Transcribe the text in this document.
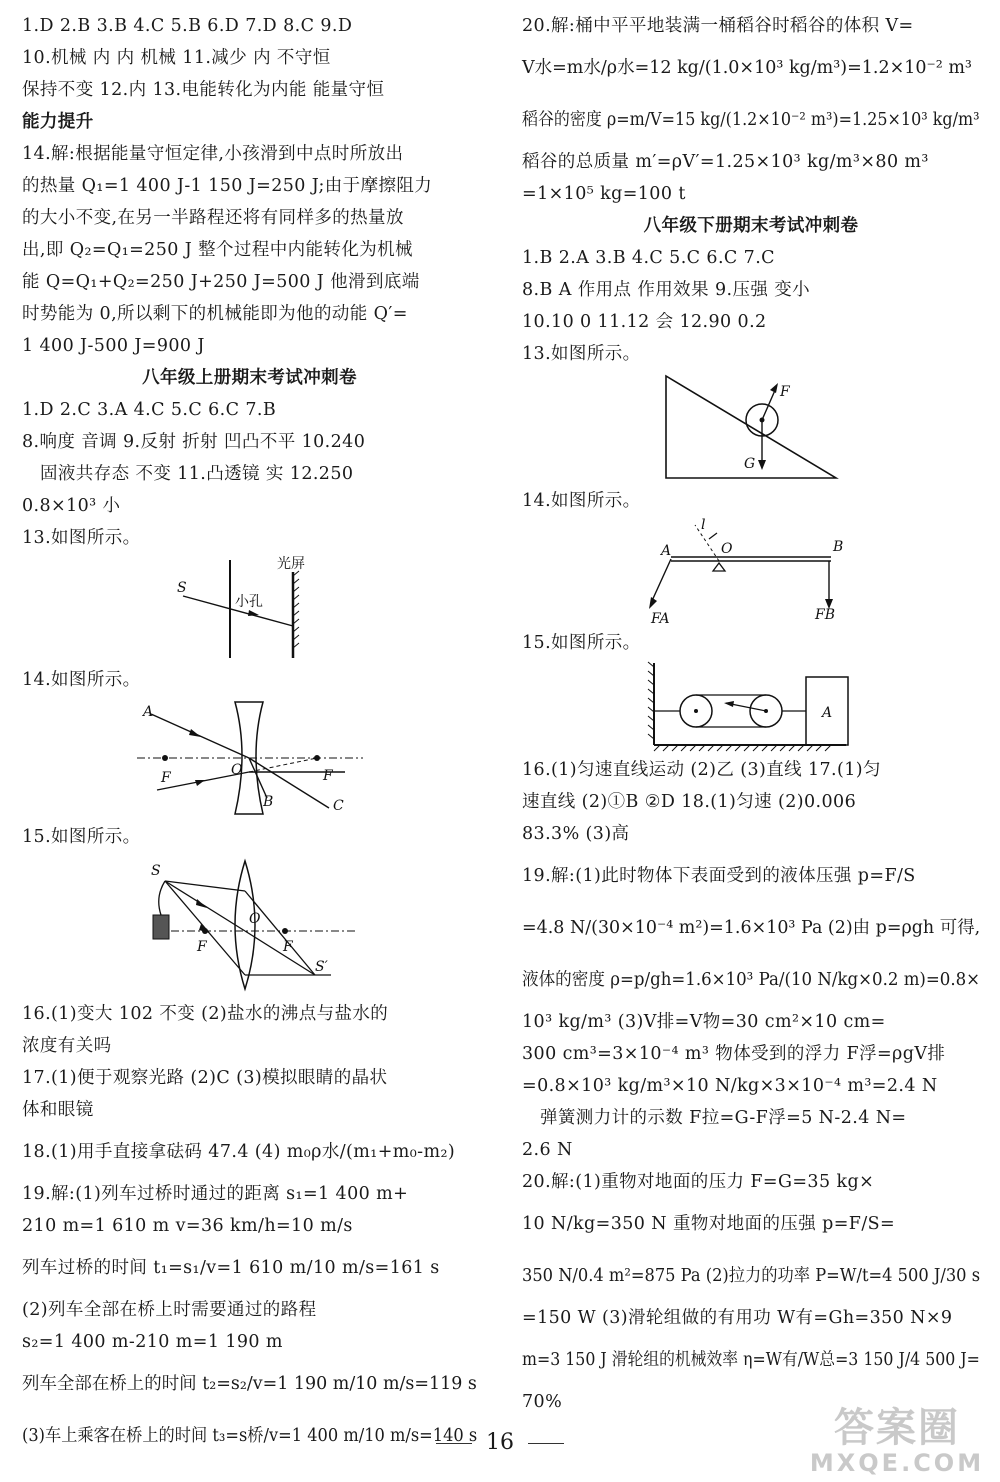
1.D 2.B 3.B 4.C 5.B 6.D 7.D 8.C 9.D
10.机械 内 内 机械 11.减少 内 不守恒
保持不变 12.内 13.电能转化为内能 能量守恒
能力提升
14.解:根据能量守恒定律,小孩滑到中点时所放出
的热量 Q₁=1 400 J-1 150 J=250 J;由于摩擦阻力
的大小不变,在另一半路程还将有同样多的热量放
出,即 Q₂=Q₁=250 J 整个过程中内能转化为机械
能 Q=Q₁+Q₂=250 J+250 J=500 J 他滑到底端
时势能为 0,所以剩下的机械能即为他的动能 Q′=
1 400 J-500 J=900 J
八年级上册期末考试冲刺卷
1.D 2.C 3.A 4.C 5.C 6.C 7.B
8.响度 音调 9.反射 折射 凹凸不平 10.240
固液共存态 不变 11.凸透镜 实 12.250
0.8×10³ 小
13.如图所示。
S
光屏
小孔
14.如图所示。
A
F	O	F
B	C
15.如图所示。
S
F
O
F
S′
16.(1)变大 102 不变 (2)盐水的沸点与盐水的
浓度有关吗
17.(1)便于观察光路 (2)C (3)模拟眼睛的晶状
体和眼镜
18.(1)用手直接拿砝码 47.4 (4) m₀ρ水/(m₁+m₀-m₂)
19.解:(1)列车过桥时通过的距离 s₁=1 400 m+
210 m=1 610 m v=36 km/h=10 m/s
列车过桥的时间 t₁=s₁/v=1 610 m/10 m/s=161 s
(2)列车全部在桥上时需要通过的路程
s₂=1 400 m-210 m=1 190 m
列车全部在桥上的时间 t₂=s₂/v=1 190 m/10 m/s=119 s
(3)车上乘客在桥上的时间 t₃=s桥/v=1 400 m/10 m/s=140 s
20.解:桶中平平地装满一桶稻谷时稻谷的体积 V=
V水=m水/ρ水=12 kg/(1.0×10³ kg/m³)=1.2×10⁻² m³
稻谷的密度 ρ=m/V=15 kg/(1.2×10⁻² m³)=1.25×10³ kg/m³
稻谷的总质量 m′=ρV′=1.25×10³ kg/m³×80 m³
=1×10⁵ kg=100 t
八年级下册期末考试冲刺卷
1.B 2.A 3.B 4.C 5.C 6.C 7.C
8.B A 作用点 作用效果 9.压强 变小
10.10 0 11.12 会 12.90 0.2
13.如图所示。
F
G
14.如图所示。
l
A	O	B
FA	FB
15.如图所示。
A
16.(1)匀速直线运动 (2)乙 (3)直线 17.(1)匀
速直线 (2)①B ②D 18.(1)匀速 (2)0.006
83.3% (3)高
19.解:(1)此时物体下表面受到的液体压强 p=F/S
=4.8 N/(30×10⁻⁴ m²)=1.6×10³ Pa (2)由 p=ρgh 可得,
液体的密度 ρ=p/gh=1.6×10³ Pa/(10 N/kg×0.2 m)=0.8×
10³ kg/m³ (3)V排=V物=30 cm²×10 cm=
300 cm³=3×10⁻⁴ m³ 物体受到的浮力 F浮=ρgV排
=0.8×10³ kg/m³×10 N/kg×3×10⁻⁴ m³=2.4 N
弹簧测力计的示数 F拉=G-F浮=5 N-2.4 N=
2.6 N
20.解:(1)重物对地面的压力 F=G=35 kg×
10 N/kg=350 N 重物对地面的压强 p=F/S=
350 N/0.4 m²=875 Pa (2)拉力的功率 P=W/t=4 500 J/30 s
=150 W (3)滑轮组做的有用功 W有=Gh=350 N×9
m=3 150 J 滑轮组的机械效率 η=W有/W总=3 150 J/4 500 J=
70%
16	答案圈
MXQE.COM
